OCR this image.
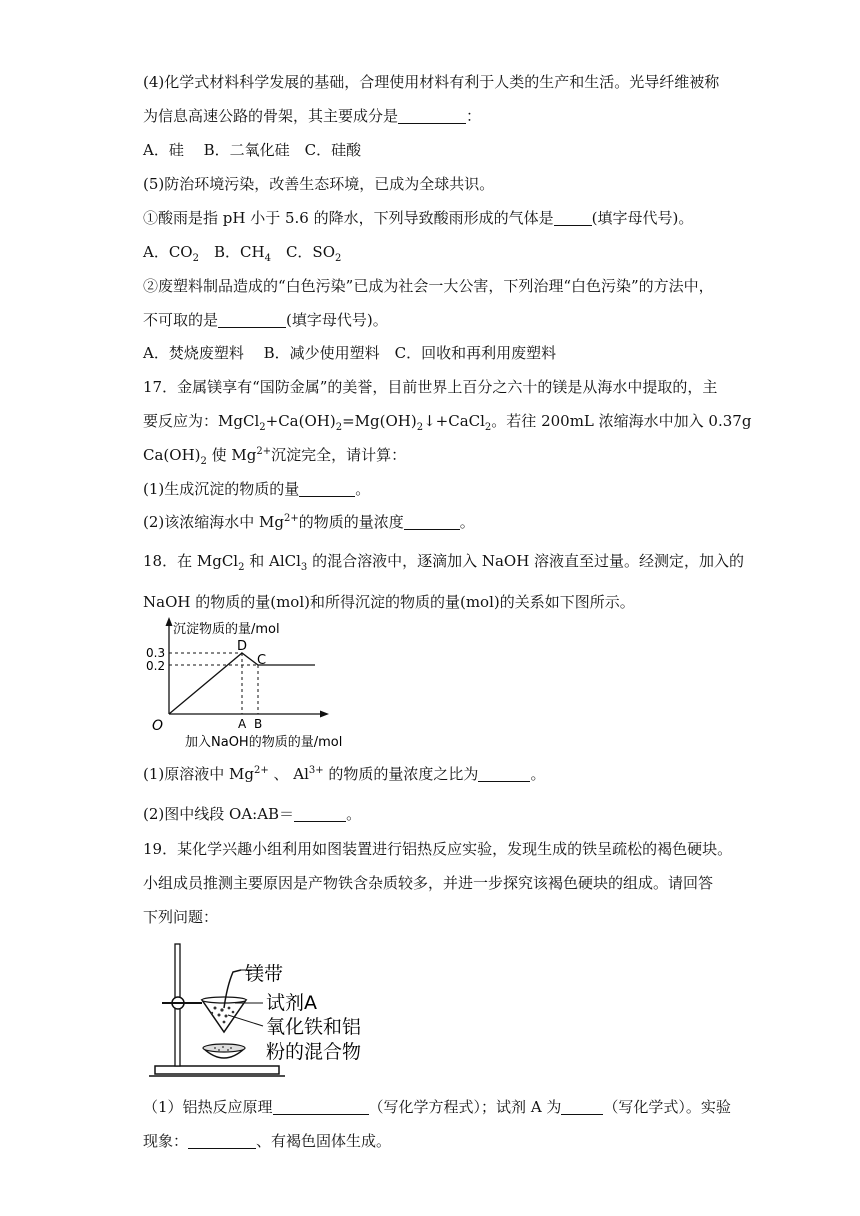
(4)化学式材料科学发展的基础，合理使用材料有利于人类的生产和生活。光导纤维被称
为信息高速公路的骨架，其主要成分是	：
A．硅　 B．二氧化硅　C．硅酸
(5)防治环境污染，改善生态环境，已成为全球共识。
①酸雨是指 pH 小于 5.6 的降水，下列导致酸雨形成的气体是	(填字母代号)。
A．$CO_2$　B．$CH_4$　C．$SO_2$
②废塑料制品造成的“白色污染”已成为社会一大公害，下列治理“白色污染”的方法中，
不可取的是	(填字母代号)。
A．焚烧废塑料　 B．减少使用塑料　C．回收和再利用废塑料
17．金属镁享有“国防金属”的美誉，目前世界上百分之六十的镁是从海水中提取的，主
要反应为：$MgCl_2+Ca(OH)_2=Mg(OH)_2↓+CaCl_2$。若往 200mL 浓缩海水中加入 0.37g
$Ca(OH)_2$ 使 $Mg^{2+}$沉淀完全，请计算：
(1)生成沉淀的物质的量	。
(2)该浓缩海水中 $Mg^{2+}$的物质的量浓度	。
18．在 MgCl$_2$ 和 AlCl$_3$ 的混合溶液中，逐滴加入 NaOH 溶液直至过量。经测定，加入的
NaOH 的物质的量(mol)和所得沉淀的物质的量(mol)的关系如下图所示。
沉淀物质的量/mol
0.3
0.2
D
C
A B
O
加入NaOH的物质的量/mol
(1)原溶液中 $Mg^{2+}$ 、 $Al^{3+}$ 的物质的量浓度之比为	。
(2)图中线段 OA:AB＝	。
19．某化学兴趣小组利用如图装置进行铝热反应实验，发现生成的铁呈疏松的褐色硬块。
小组成员推测主要原因是产物铁含杂质较多，并进一步探究该褐色硬块的组成。请回答
下列问题：
镁带
试剂A
氧化铁和铝
粉的混合物
（1）铝热反应原理	（写化学方程式）；试剂 A 为	（写化学式）。实验
现象：	、有褐色固体生成。
